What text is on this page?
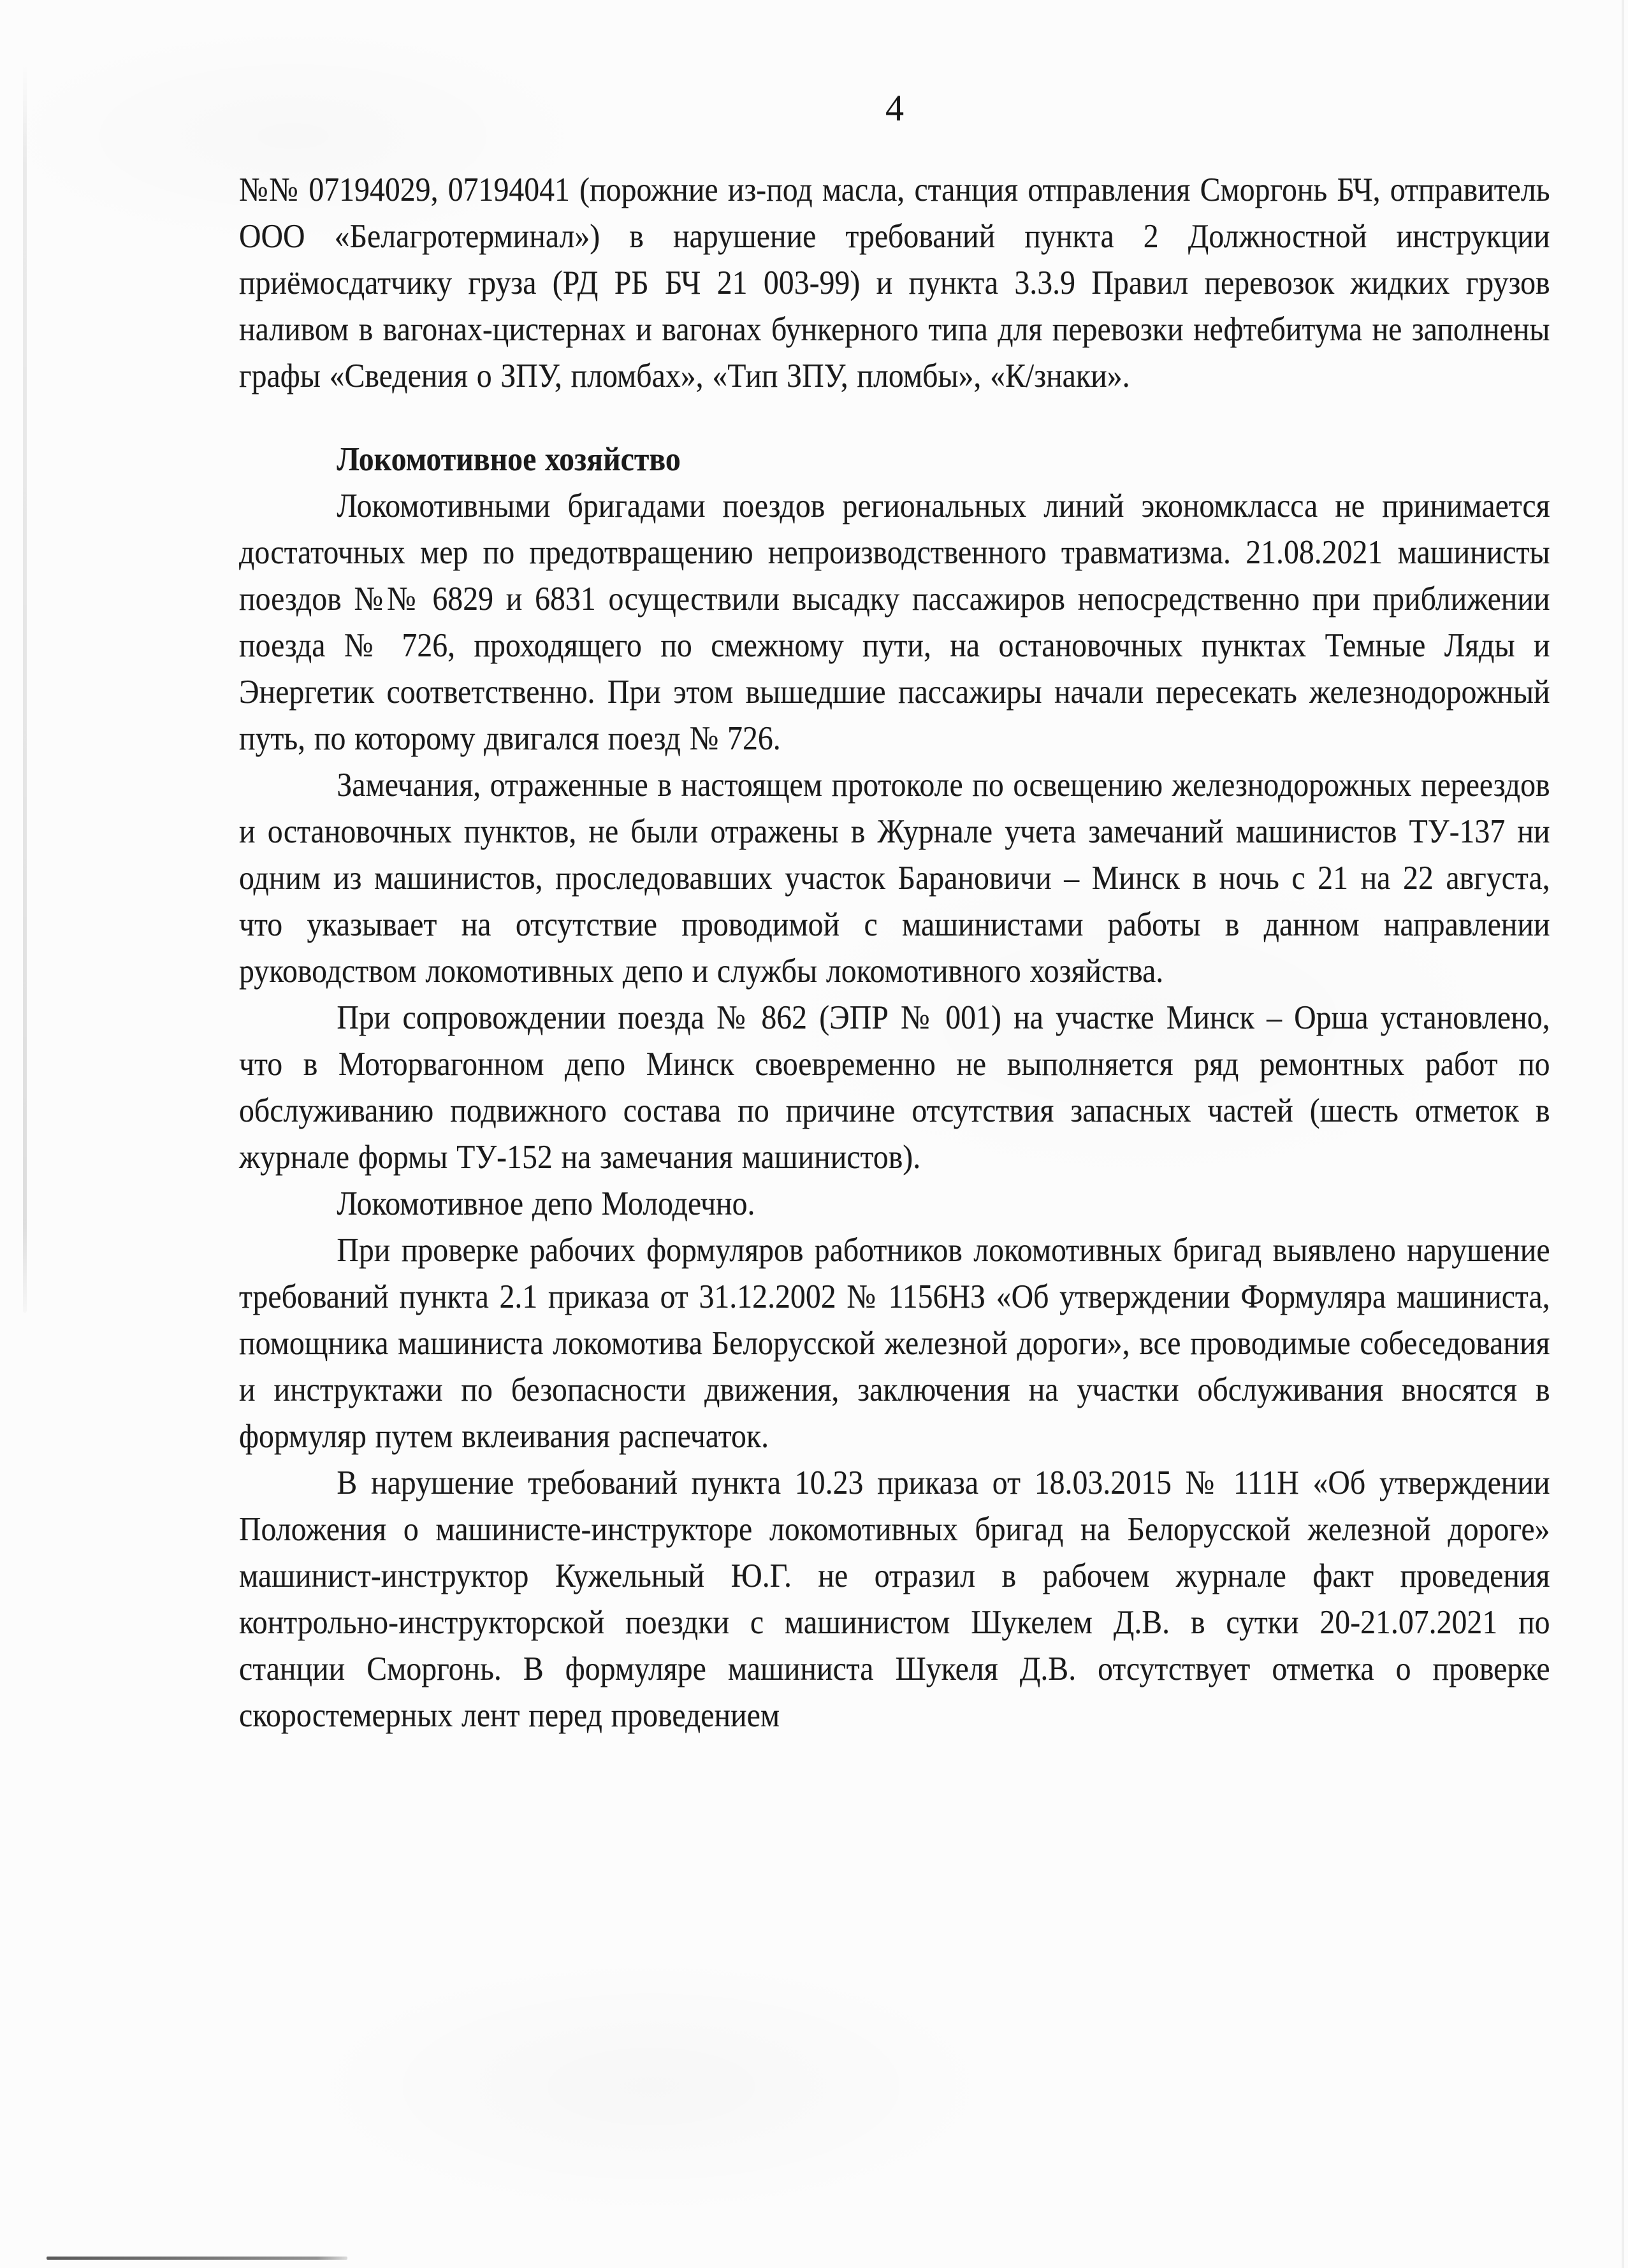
4

№№ 07194029, 07194041 (порожние из-под масла, станция отправления Сморгонь БЧ, отправитель ООО «Белагротерминал») в нарушение требований пункта 2 Должностной инструкции приёмосдатчику груза (РД РБ БЧ 21 003-99) и пункта 3.3.9 Правил перевозок жидких грузов наливом в вагонах-цистернах и вагонах бункерного типа для перевозки нефтебитума не заполнены графы «Сведения о ЗПУ, пломбах», «Тип ЗПУ, пломбы», «К/знаки».

Локомотивное хозяйство

Локомотивными бригадами поездов региональных линий экономкласса не принимается достаточных мер по предотвращению непроизводственного травматизма. 21.08.2021 машинисты поездов №№ 6829 и 6831 осуществили высадку пассажиров непосредственно при приближении поезда № 726, проходящего по смежному пути, на остановочных пунктах Темные Ляды и Энергетик соответственно. При этом вышедшие пассажиры начали пересекать железнодорожный путь, по которому двигался поезд № 726.

Замечания, отраженные в настоящем протоколе по освещению железнодорожных переездов и остановочных пунктов, не были отражены в Журнале учета замечаний машинистов ТУ-137 ни одним из машинистов, проследовавших участок Барановичи – Минск в ночь с 21 на 22 августа, что указывает на отсутствие проводимой с машинистами работы в данном направлении руководством локомотивных депо и службы локомотивного хозяйства.

При сопровождении поезда № 862 (ЭПР № 001) на участке Минск – Орша установлено, что в Моторвагонном депо Минск своевременно не выполняется ряд ремонтных работ по обслуживанию подвижного состава по причине отсутствия запасных частей (шесть отметок в журнале формы ТУ-152 на замечания машинистов).

Локомотивное депо Молодечно.

При проверке рабочих формуляров работников локомотивных бригад выявлено нарушение требований пункта 2.1 приказа от 31.12.2002 № 1156НЗ «Об утверждении Формуляра машиниста, помощника машиниста локомотива Белорусской железной дороги», все проводимые собеседования и инструктажи по безопасности движения, заключения на участки обслуживания вносятся в формуляр путем вклеивания распечаток.

В нарушение требований пункта 10.23 приказа от 18.03.2015 № 111Н «Об утверждении Положения о машинисте-инструкторе локомотивных бригад на Белорусской железной дороге» машинист-инструктор Кужельный Ю.Г. не отразил в рабочем журнале факт проведения контрольно-инструкторской поездки с машинистом Шукелем Д.В. в сутки 20-21.07.2021 по станции Сморгонь. В формуляре машиниста Шукеля Д.В. отсутствует отметка о проверке скоростемерных лент перед проведением
